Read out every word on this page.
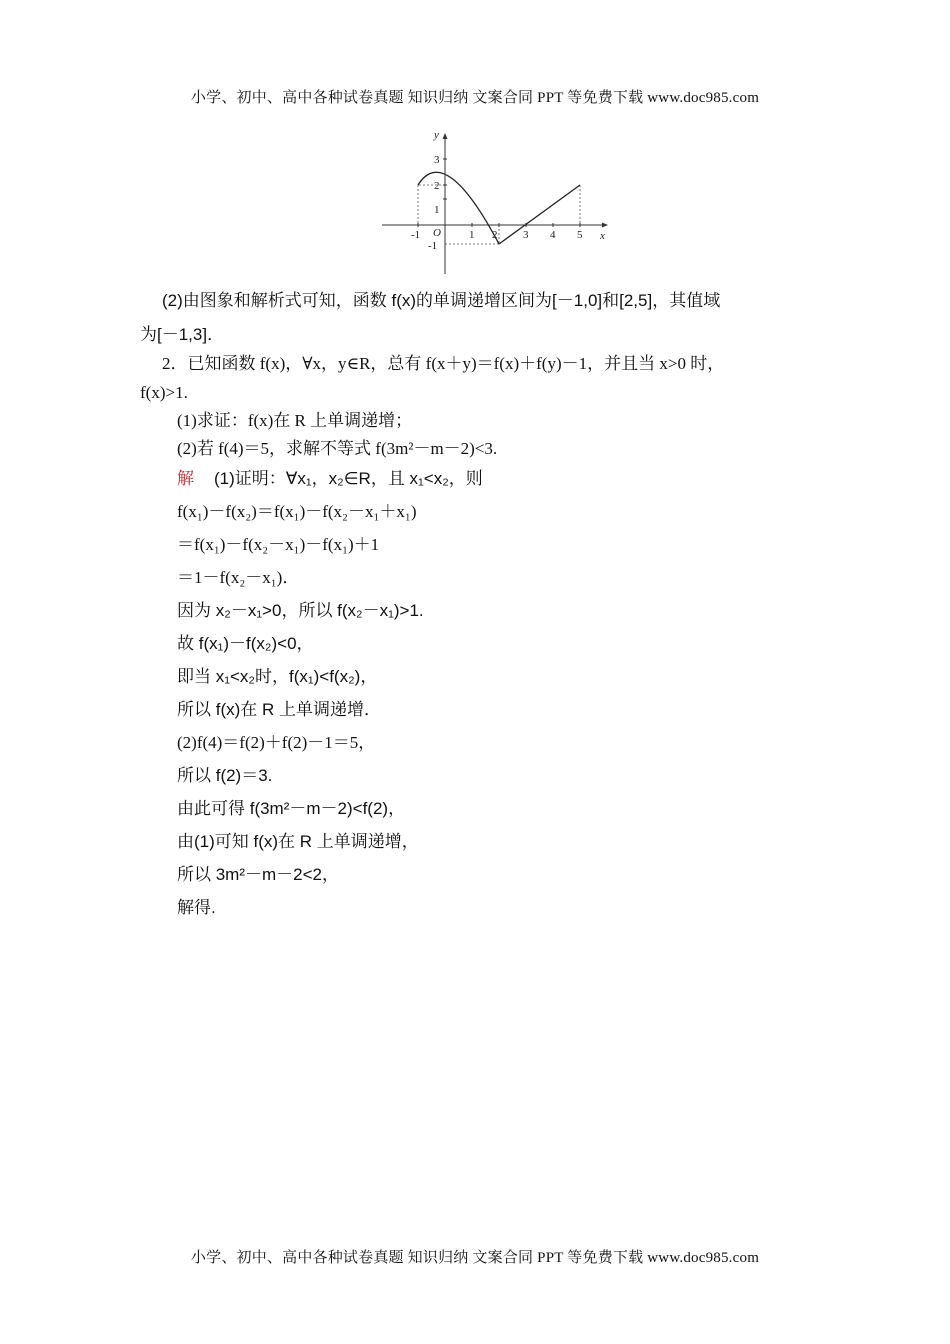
小学、初中、高中各种试卷真题 知识归纳 文案合同 PPT 等免费下载 www.doc985.com
y
x
O
-1	1 2 3 4 5
3
2
1
-1
(2)由图象和解析式可知，函数 f(x)的单调递增区间为[－1,0]和[2,5]，其值域
为[－1,3]．
2．已知函数 f(x)，∀x，y∈R，总有 f(x＋y)＝f(x)＋f(y)－1，并且当 x>0 时，
f(x)>1.
(1)求证：f(x)在 R 上单调递增；
(2)若 f(4)＝5，求解不等式 f(3m²－m－2)<3.
解 (1)证明：∀x₁，x₂∈R，且 x₁<x₂，则
f(x₁)－f(x₂)＝f(x₁)－f(x₂－x₁＋x₁)
＝f(x₁)－f(x₂－x₁)－f(x₁)＋1
＝1－f(x₂－x₁)．
因为 x₂－x₁>0，所以 f(x₂－x₁)>1.
故 f(x₁)－f(x₂)<0，
即当 x₁<x₂时，f(x₁)<f(x₂)，
所以 f(x)在 R 上单调递增．
(2)f(4)＝f(2)＋f(2)－1＝5，
所以 f(2)＝3.
由此可得 f(3m²－m－2)<f(2)，
由(1)可知 f(x)在 R 上单调递增，
所以 3m²－m－2<2，
解得.
小学、初中、高中各种试卷真题 知识归纳 文案合同 PPT 等免费下载 www.doc985.com
